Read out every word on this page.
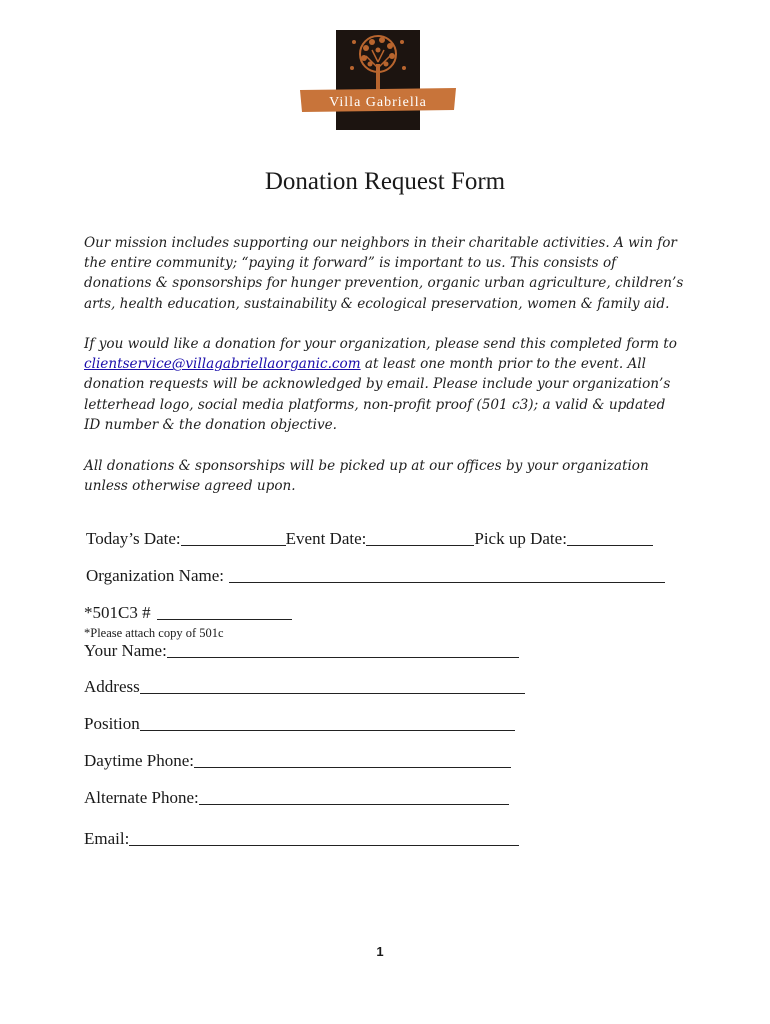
Villa Gabriella
Donation Request Form

Our mission includes supporting our neighbors in their charitable activities. A win for the entire community; “paying it forward” is important to us. This consists of donations & sponsorships for hunger prevention, organic urban agriculture, children’s arts, health education, sustainability & ecological preservation, women & family aid.

If you would like a donation for your organization, please send this completed form to clientservice@villagabriellaorganic.com at least one month prior to the event. All donation requests will be acknowledged by email. Please include your organization’s letterhead logo, social media platforms, non-profit proof (501 c3); a valid & updated ID number & the donation objective.

All donations & sponsorships will be picked up at our offices by your organization unless otherwise agreed upon.

Today’s Date:	Event Date:	Pick up Date:
Organization Name:
*501C3 #
*Please attach copy of 501c
Your Name:
Address
Position
Daytime Phone:
Alternate Phone:
Email:
1
